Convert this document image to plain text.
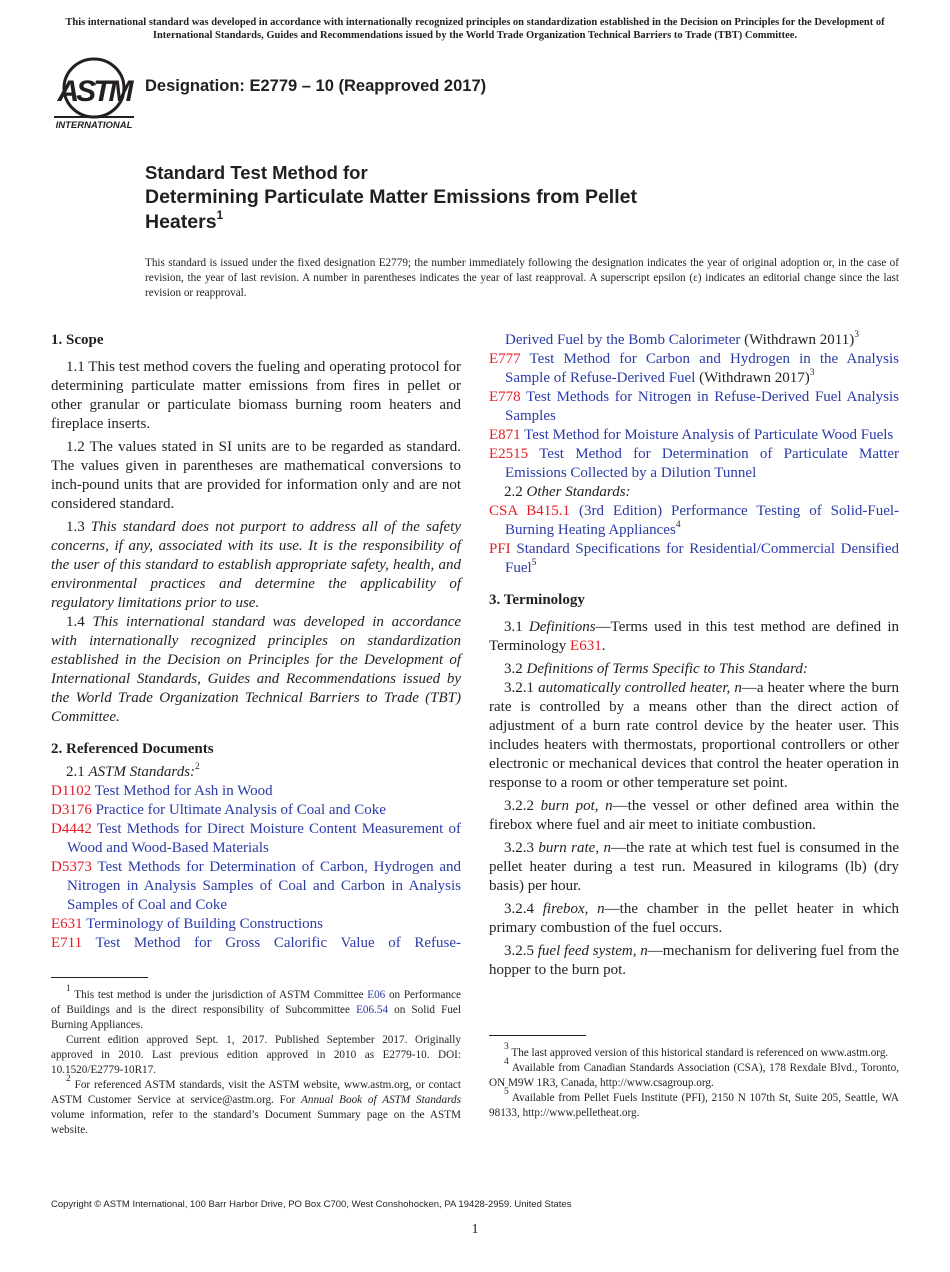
This international standard was developed in accordance with internationally recognized principles on standardization established in the Decision on Principles for the Development of International Standards, Guides and Recommendations issued by the World Trade Organization Technical Barriers to Trade (TBT) Committee.
ASTM
INTERNATIONAL
Designation: E2779 – 10 (Reapproved 2017)
Standard Test Method for
Determining Particulate Matter Emissions from Pellet
Heaters$^1$
This standard is issued under the fixed designation E2779; the number immediately following the designation indicates the year of original adoption or, in the case of revision, the year of last revision. A number in parentheses indicates the year of last reapproval. A superscript epsilon (ε) indicates an editorial change since the last revision or reapproval.
1. Scope
1.1 This test method covers the fueling and operating protocol for determining particulate matter emissions from fires in pellet or other granular or particulate biomass burning room heaters and fireplace inserts.
1.2 The values stated in SI units are to be regarded as standard. The values given in parentheses are mathematical conversions to inch-pound units that are provided for information only and are not considered standard.
1.3 This standard does not purport to address all of the safety concerns, if any, associated with its use. It is the responsibility of the user of this standard to establish appropriate safety, health, and environmental practices and determine the applicability of regulatory limitations prior to use.
1.4 This international standard was developed in accordance with internationally recognized principles on standardization established in the Decision on Principles for the Development of International Standards, Guides and Recommendations issued by the World Trade Organization Technical Barriers to Trade (TBT) Committee.
2. Referenced Documents
2.1 ASTM Standards:$^2$
D1102 Test Method for Ash in Wood
D3176 Practice for Ultimate Analysis of Coal and Coke
D4442 Test Methods for Direct Moisture Content Measurement of Wood and Wood-Based Materials
D5373 Test Methods for Determination of Carbon, Hydrogen and Nitrogen in Analysis Samples of Coal and Carbon in Analysis Samples of Coal and Coke
E631 Terminology of Building Constructions
E711 Test Method for Gross Calorific Value of Refuse-
$^1$ This test method is under the jurisdiction of ASTM Committee E06 on Performance of Buildings and is the direct responsibility of Subcommittee E06.54 on Solid Fuel Burning Appliances.
Current edition approved Sept. 1, 2017. Published September 2017. Originally approved in 2010. Last previous edition approved in 2010 as E2779-10. DOI: 10.1520/E2779-10R17.
$^2$ For referenced ASTM standards, visit the ASTM website, www.astm.org, or contact ASTM Customer Service at service@astm.org. For Annual Book of ASTM Standards volume information, refer to the standard’s Document Summary page on the ASTM website.
Derived Fuel by the Bomb Calorimeter (Withdrawn 2011)$^3$
E777 Test Method for Carbon and Hydrogen in the Analysis Sample of Refuse-Derived Fuel (Withdrawn 2017)$^3$
E778 Test Methods for Nitrogen in Refuse-Derived Fuel Analysis Samples
E871 Test Method for Moisture Analysis of Particulate Wood Fuels
E2515 Test Method for Determination of Particulate Matter Emissions Collected by a Dilution Tunnel
2.2 Other Standards:
CSA B415.1 (3rd Edition) Performance Testing of Solid-Fuel-Burning Heating Appliances$^4$
PFI Standard Specifications for Residential/Commercial Densified Fuel$^5$
3. Terminology
3.1 Definitions—Terms used in this test method are defined in Terminology E631.
3.2 Definitions of Terms Specific to This Standard:
3.2.1 automatically controlled heater, n—a heater where the burn rate is controlled by a means other than the direct action of adjustment of a burn rate control device by the heater user. This includes heaters with thermostats, proportional controllers or other electronic or mechanical devices that control the heater operation in response to a room or other temperature set point.
3.2.2 burn pot, n—the vessel or other defined area within the firebox where fuel and air meet to initiate combustion.
3.2.3 burn rate, n—the rate at which test fuel is consumed in the pellet heater during a test run. Measured in kilograms (lb) (dry basis) per hour.
3.2.4 firebox, n—the chamber in the pellet heater in which primary combustion of the fuel occurs.
3.2.5 fuel feed system, n—mechanism for delivering fuel from the hopper to the burn pot.
$^3$ The last approved version of this historical standard is referenced on www.astm.org.
$^4$ Available from Canadian Standards Association (CSA), 178 Rexdale Blvd., Toronto, ON M9W 1R3, Canada, http://www.csagroup.org.
$^5$ Available from Pellet Fuels Institute (PFI), 2150 N 107th St, Suite 205, Seattle, WA 98133, http://www.pelletheat.org.
Copyright © ASTM International, 100 Barr Harbor Drive, PO Box C700, West Conshohocken, PA 19428-2959. United States
1
